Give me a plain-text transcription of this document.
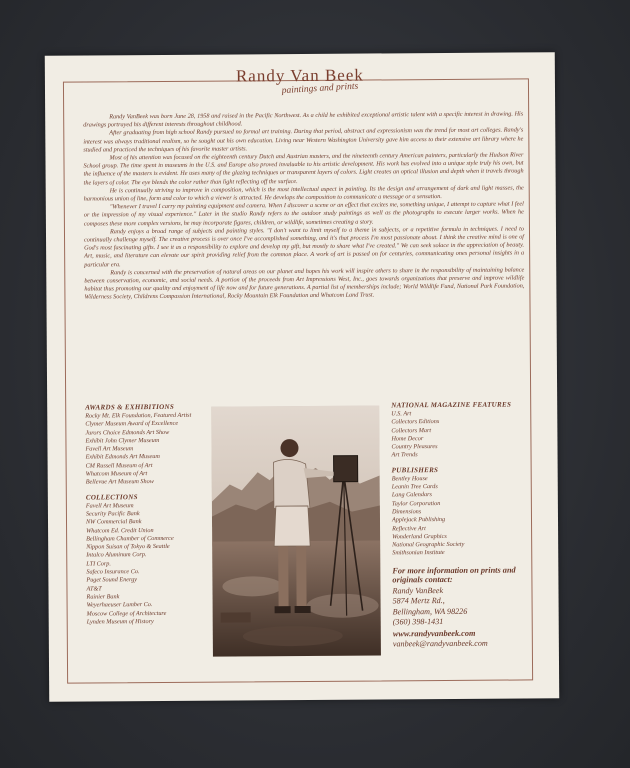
Randy Van Beek
paintings and prints

Randy VanBeek was born June 28, 1958 and raised in the Pacific Northwest. As a child he exhibited exceptional artistic talent with a specific interest in drawing. His drawings portrayed his different interests throughout childhood.

After graduating from high school Randy pursued no formal art training. During that period, abstract and expressionism was the trend for most art colleges. Randy's interest was always traditional realism, so he sought out his own education. Living near Western Washington University gave him access to their extensive art library where he studied and practiced the techniques of his favorite master artists.

Most of his attention was focused on the eighteenth century Dutch and Austrian masters, and the nineteenth century American painters, particularly the Hudson River School group. The time spent in museums in the U.S. and Europe also proved invaluable to his artistic development. His work has evolved into a unique style truly his own, but the influence of the masters is evident. He uses many of the glazing techniques or transparent layers of colors. Light creates an optical illusion and depth when it travels through the layers of color. The eye blends the color rather than light reflecting off the surface.

He is continually striving to improve in composition, which is the most intellectual aspect in painting. Its the design and arrangement of dark and light masses, the harmonious union of line, form and color to which a viewer is attracted. He develops the composition to communicate a message or a sensation.

"Whenever I travel I carry my painting equipment and camera. When I discover a scene or an effect that excites me, something unique, I attempt to capture what I feel or the impression of my visual experience." Later in the studio Randy refers to the outdoor study paintings as well as the photographs to execute larger works. When he composes these more complex versions, he may incorporate figures, children, or wildlife, sometimes creating a story.

Randy enjoys a broad range of subjects and painting styles. "I don't want to limit myself to a theme in subjects, or a repetitive formula in techniques. I need to continually challenge myself. The creative process is over once I've accomplished something, and it's that process I'm most passionate about. I think the creative mind is one of God's most fascinating gifts. I see it as a responsibility to explore and develop my gift, but mostly to share what I've created." We can seek solace in the appreciation of beauty. Art, music, and literature can elevate our spirit providing relief from the common place. A work of art is passed on for centuries, communicating ones personal insights in a particular era.

Randy is concerned with the preservation of natural areas on our planet and hopes his work will inspire others to share in the responsibility of maintaining balance between conservation, economic, and social needs. A portion of the proceeds from Art Impressions West, Inc., goes towards organizations that preserve and improve wildlife habitat thus promoting our quality and enjoyment of life now and for future generations. A partial list of memberships include; World Wildlife Fund, National Park Foundation, Wilderness Society, Childrens Compassion International, Rocky Mountain Elk Foundation and Whatcom Land Trust.

AWARDS & EXHIBITIONS
Rocky Mt. Elk Foundation, Featured Artist
Clymer Museum Award of Excellence
Jurors Choice Edmonds Art Show
Exhibit John Clymer Museum
Favell Art Museum
Exhibit Edmonds Art Museum
CM Russell Museum of Art
Whatcom Museum of Art
Bellevue Art Museum Show
COLLECTIONS
Favell Art Museum
Security Pacific Bank
NW Commercial Bank
Whatcom Ed. Credit Union
Bellingham Chamber of Commerce
Nippon Suisan of Tokyo & Seattle
Intalco Aluminum Corp.
LTI Corp.
Safeco Insurance Co.
Puget Sound Energy
AT&T
Rainier Bank
Weyerhaeuser Lumber Co.
Moscow College of Architecture
Lynden Museum of History
NATIONAL MAGAZINE FEATURES
U.S. Art
Collectors Editions
Collectors Mart
Home Decor
Country Pleasures
Art Trends
PUBLISHERS
Bentley House
Leanin Tree Cards
Lang Calendars
Taylor Corporation
Dimensions
Applejack Publishing
Reflective Art
Wonderland Graphics
National Geographic Society
Smithsonian Institute
For more information on prints and originals contact:
Randy VanBeek
5874 Mertz Rd.,
Bellingham, WA 98226
(360) 398-1431
www.randyvanbeek.com
vanbeek@randyvanbeek.com
